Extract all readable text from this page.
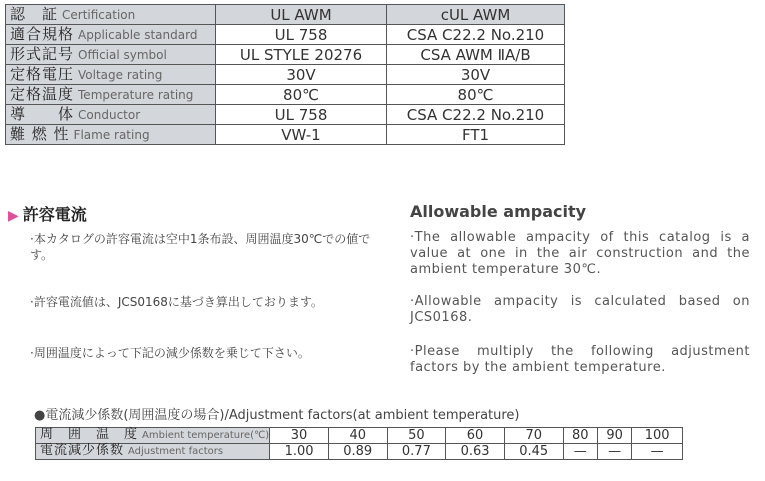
認　証 Certification	UL AWM	cUL AWM
適合規格 Applicable standard	UL 758	CSA C22.2 No.210
形式記号 Official symbol	UL STYLE 20276	CSA AWM ⅡA/B
定格電圧 Voltage rating	30V	30V
定格温度 Temperature rating	80℃	80℃
導　　体 Conductor	UL 758	CSA C22.2 No.210
難 燃 性 Flame rating	VW-1	FT1
▶ 許容電流	Allowable ampacity
·本カタログの許容電流は空中1条布設、周囲温度30℃での値です。
·許容電流値は、JCS0168に基づき算出しております。
·周囲温度によって下記の減少係数を乗じて下さい。
·The allowable ampacity of this catalog is a value at one in the air construction and the ambient temperature 30℃.
·Allowable ampacity is calculated based on JCS0168.
·Please multiply the following adjustment factors by the ambient temperature.
●電流減少係数(周囲温度の場合)/Adjustment factors(at ambient temperature)
周　囲　温　度 Ambient temperature(℃)	30	40	50	60	70	80	90	100
電流減少係数 Adjustment factors	1.00	0.89	0.77	0.63	0.45	—	—	—
